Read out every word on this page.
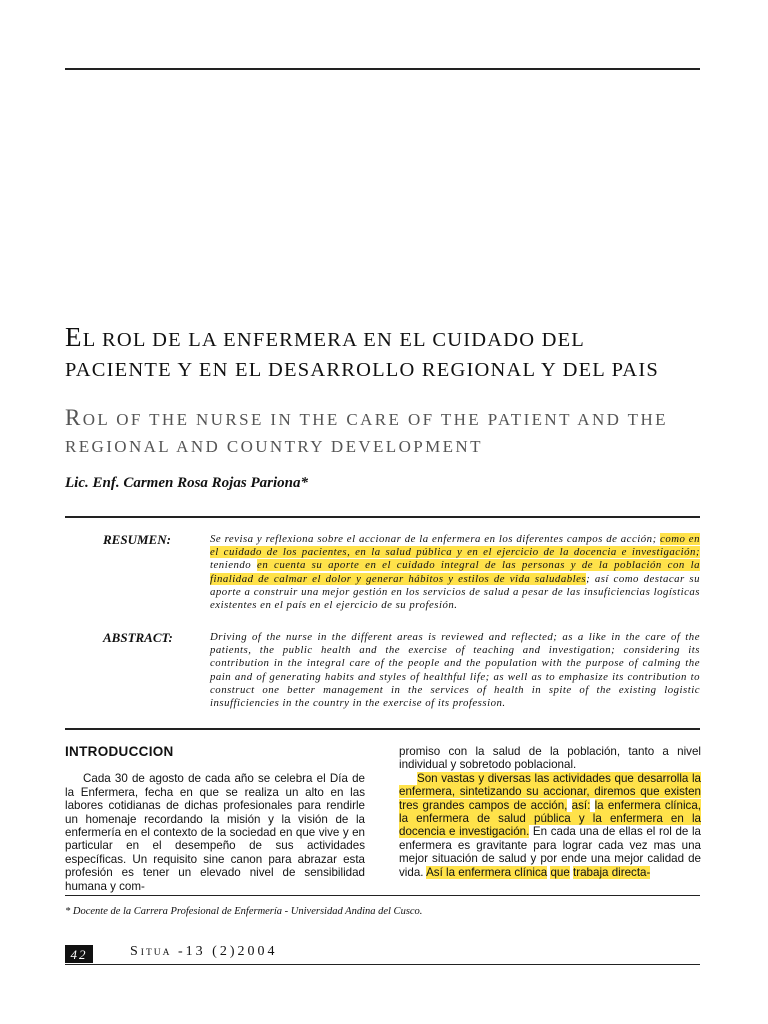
EL ROL DE LA ENFERMERA EN EL CUIDADO DEL
PACIENTE Y EN EL DESARROLLO REGIONAL Y DEL PAIS
ROL OF THE NURSE IN THE CARE OF THE PATIENT AND THE
REGIONAL AND COUNTRY DEVELOPMENT
Lic. Enf. Carmen Rosa Rojas Pariona*
RESUMEN:	Se revisa y reflexiona sobre el accionar de la enfermera en los diferentes campos de acción; como en el cuidado de los pacientes, en la salud pública y en el ejercicio de la docencia e investigación; teniendo en cuenta su aporte en el cuidado integral de las personas y de la población con la finalidad de calmar el dolor y generar hábitos y estilos de vida saludables; así como destacar su aporte a construir una mejor gestión en los servicios de salud a pesar de las insuficiencias logísticas existentes en el país en el ejercicio de su profesión.

ABSTRACT:	Driving of the nurse in the different areas is reviewed and reflected; as a like in the care of the patients, the public health and the exercise of teaching and investigation; considering its contribution in the integral care of the people and the population with the purpose of calming the pain and of generating habits and styles of healthful life; as well as to emphasize its contribution to construct one better management in the services of health in spite of the existing logistic insufficiencies in the country in the exercise of its profession.

INTRODUCCION

Cada 30 de agosto de cada año se celebra el Día de la Enfermera, fecha en que se realiza un alto en las labores cotidianas de dichas profesionales para rendirle un homenaje recordando la misión y la visión de la enfermería en el contexto de la sociedad en que vive y en particular en el desempeño de sus actividades específicas. Un requisito sine canon para abrazar esta profesión es tener un elevado nivel de sensibilidad humana y com-

promiso con la salud de la población, tanto a nivel individual y sobretodo poblacional.

Son vastas y diversas las actividades que desarrolla la enfermera, sintetizando su accionar, diremos que existen tres grandes campos de acción, así: la enfermera clínica, la enfermera de salud pública y la enfermera en la docencia e investigación. En cada una de ellas el rol de la enfermera es gravitante para lograr cada vez mas una mejor situación de salud y por ende una mejor calidad de vida. Así la enfermera clínica que trabaja directa-

* Docente de la Carrera Profesional de Enfermería - Universidad Andina del Cusco.
42	SITUA -13 (2)2004
